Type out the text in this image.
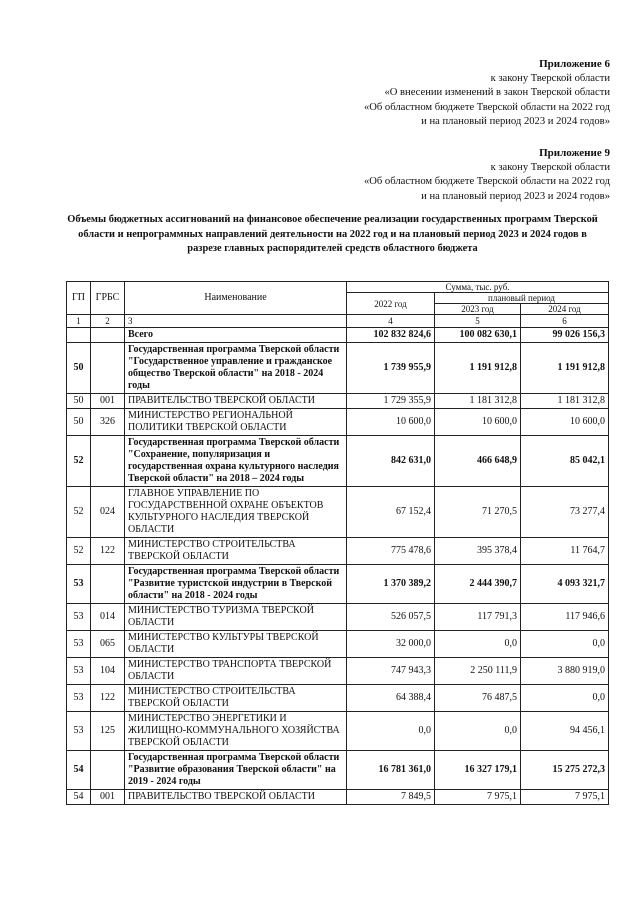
Приложение 6
к закону Тверской области
«О внесении изменений в закон Тверской области
«Об областном бюджете Тверской области на 2022 год
и на плановый период 2023 и 2024 годов»
Приложение 9
к закону Тверской области
«Об областном бюджете Тверской области на 2022 год
и на плановый период 2023 и 2024 годов»
Объемы бюджетных ассигнований на финансовое обеспечение реализации государственных программ Тверской области и непрограммных направлений деятельности на 2022 год и на плановый период 2023 и 2024 годов в разрезе главных распорядителей средств областного бюджета
ГП	ГРБС	Наименование	Сумма, тыс. руб.		
			2022 год	плановый период	
				2023 год	2024 год
1	2	3	4	5	6
		Всего	102 832 824,6	100 082 630,1	99 026 156,3
50		Государственная программа Тверской области "Государственное управление и гражданское общество Тверской области" на 2018 - 2024 годы	1 739 955,9	1 191 912,8	1 191 912,8
50	001	ПРАВИТЕЛЬСТВО ТВЕРСКОЙ ОБЛАСТИ	1 729 355,9	1 181 312,8	1 181 312,8
50	326	МИНИСТЕРСТВО РЕГИОНАЛЬНОЙ ПОЛИТИКИ ТВЕРСКОЙ ОБЛАСТИ	10 600,0	10 600,0	10 600,0
52		Государственная программа Тверской области "Сохранение, популяризация и государственная охрана культурного наследия Тверской области" на 2018 – 2024 годы	842 631,0	466 648,9	85 042,1
52	024	ГЛАВНОЕ УПРАВЛЕНИЕ ПО ГОСУДАРСТВЕННОЙ ОХРАНЕ ОБЪЕКТОВ КУЛЬТУРНОГО НАСЛЕДИЯ ТВЕРСКОЙ ОБЛАСТИ	67 152,4	71 270,5	73 277,4
52	122	МИНИСТЕРСТВО СТРОИТЕЛЬСТВА ТВЕРСКОЙ ОБЛАСТИ	775 478,6	395 378,4	11 764,7
53		Государственная программа Тверской области "Развитие туристской индустрии в Тверской области" на 2018 - 2024 годы	1 370 389,2	2 444 390,7	4 093 321,7
53	014	МИНИСТЕРСТВО ТУРИЗМА ТВЕРСКОЙ ОБЛАСТИ	526 057,5	117 791,3	117 946,6
53	065	МИНИСТЕРСТВО КУЛЬТУРЫ ТВЕРСКОЙ ОБЛАСТИ	32 000,0	0,0	0,0
53	104	МИНИСТЕРСТВО ТРАНСПОРТА ТВЕРСКОЙ ОБЛАСТИ	747 943,3	2 250 111,9	3 880 919,0
53	122	МИНИСТЕРСТВО СТРОИТЕЛЬСТВА ТВЕРСКОЙ ОБЛАСТИ	64 388,4	76 487,5	0,0
53	125	МИНИСТЕРСТВО ЭНЕРГЕТИКИ И ЖИЛИЩНО-КОММУНАЛЬНОГО ХОЗЯЙСТВА ТВЕРСКОЙ ОБЛАСТИ	0,0	0,0	94 456,1
54		Государственная программа Тверской области "Развитие образования Тверской области" на 2019 - 2024 годы	16 781 361,0	16 327 179,1	15 275 272,3
54	001	ПРАВИТЕЛЬСТВО ТВЕРСКОЙ ОБЛАСТИ	7 849,5	7 975,1	7 975,1
